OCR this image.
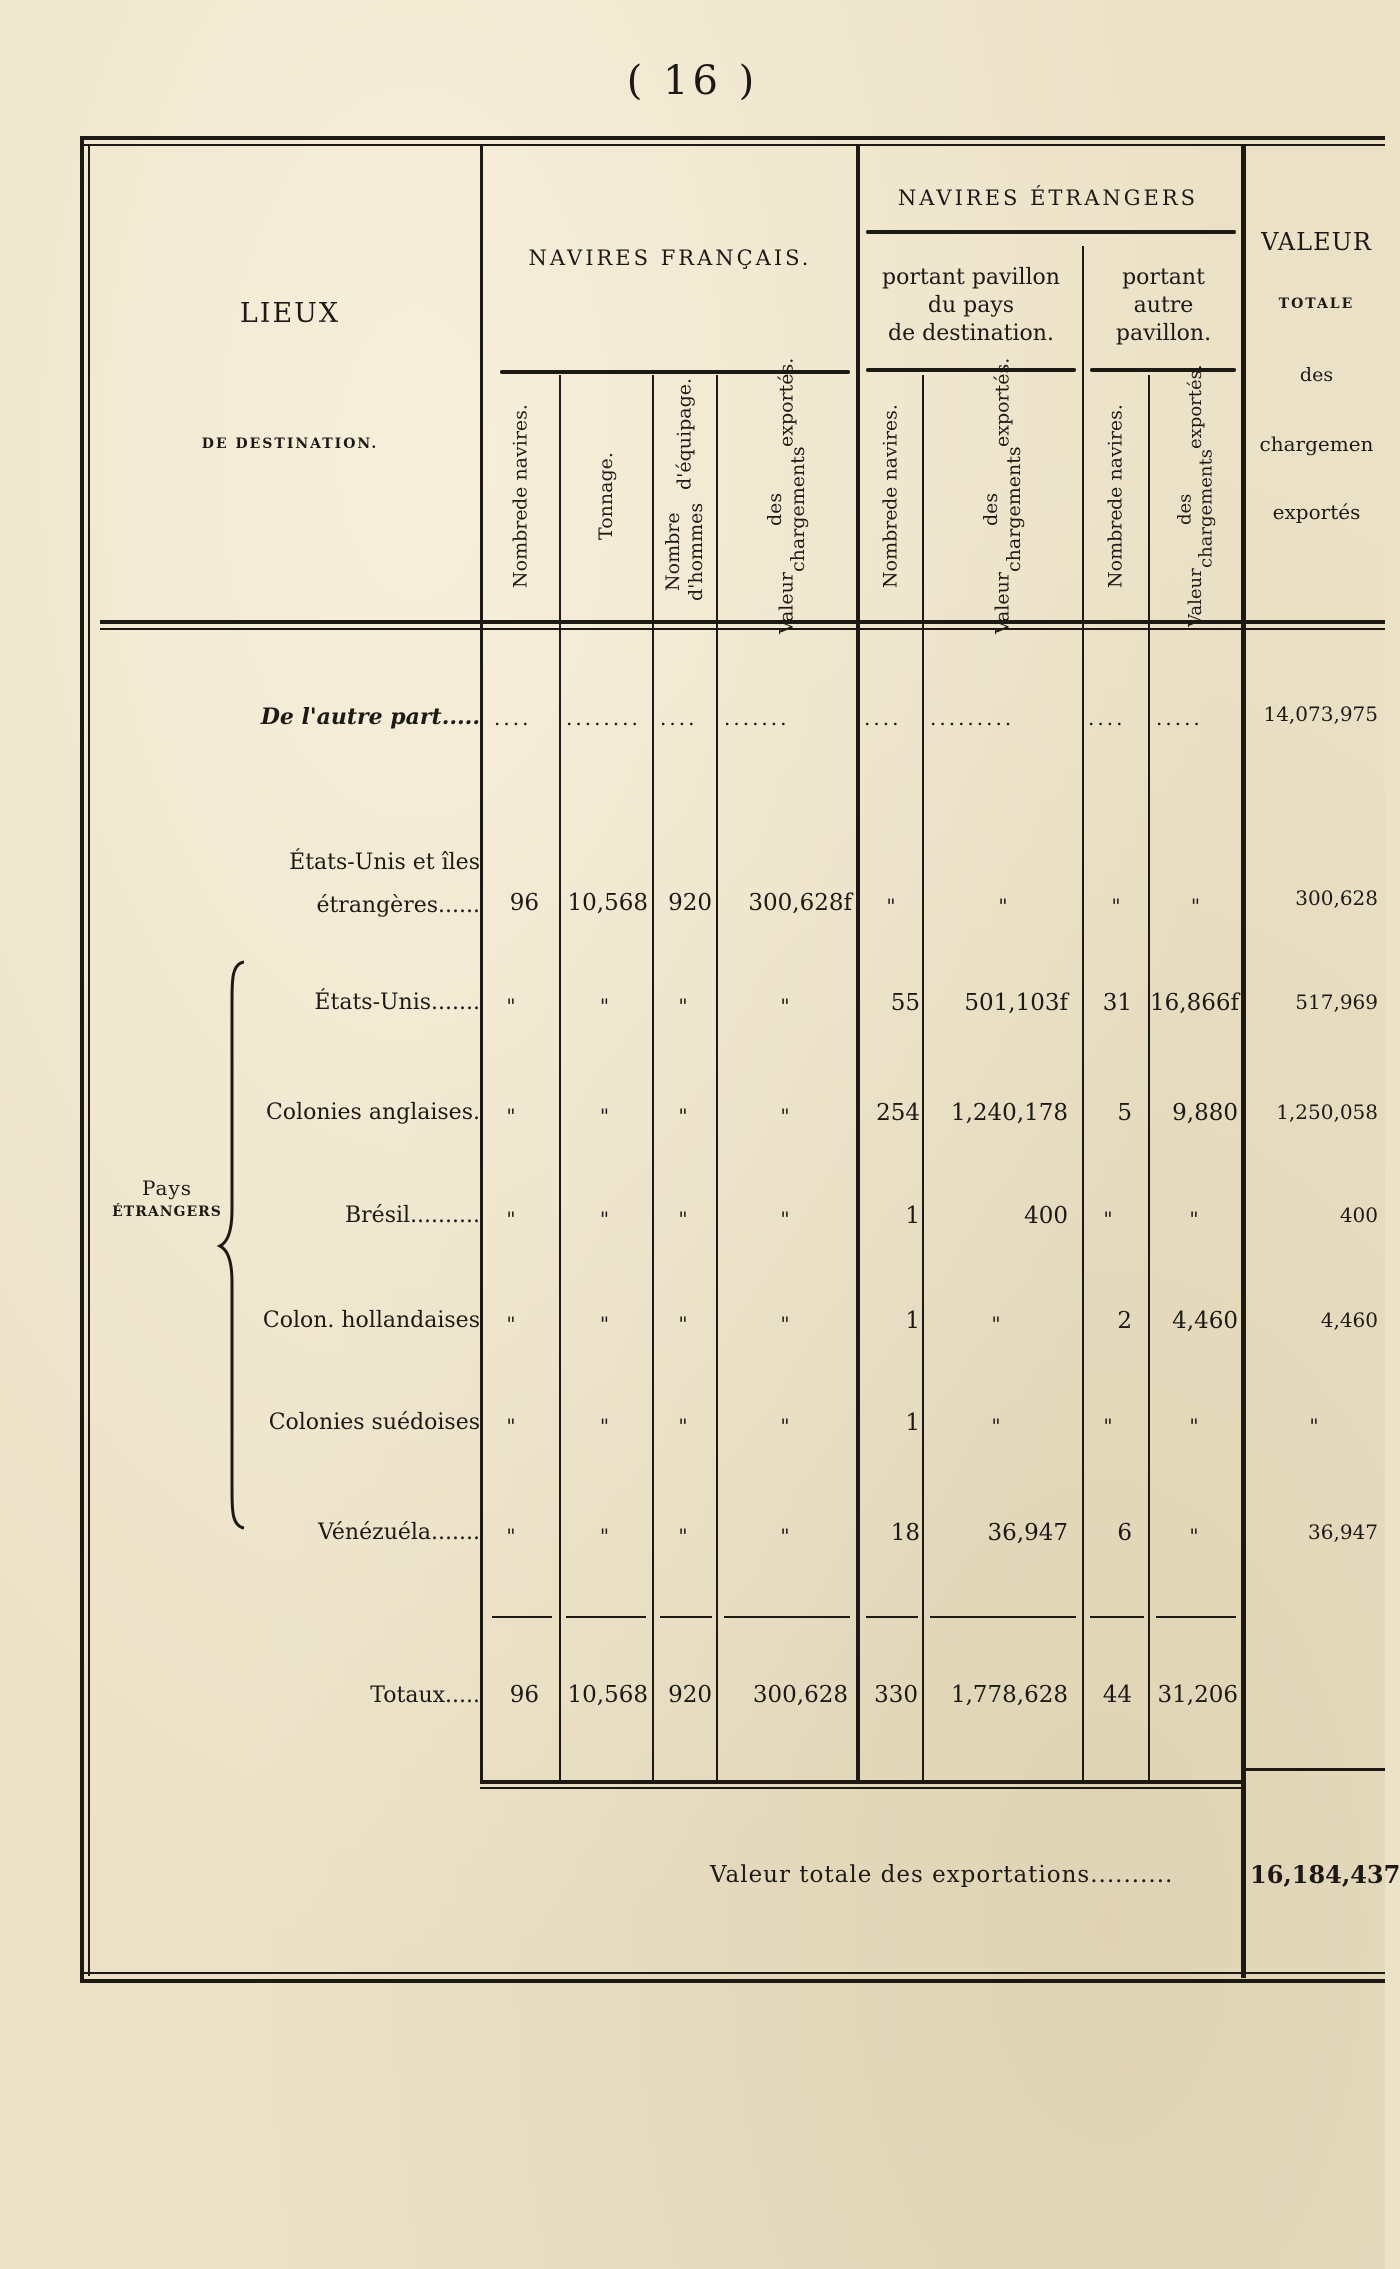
( 16 )
LIEUX
DE DESTINATION.
NAVIRES FRANÇAIS.
NAVIRES ÉTRANGERS
portant pavillon
du pays
de destination.
portant
autre
pavillon.
VALEUR
TOTALE
des
chargemen
exportés
Nombre
de navires.	Tonnage.
Nombre d'hommes
d'équipage.
Valeur
des chargements
exportés.
Nombre
de navires.
Valeur
des chargements
exportés.
Nombre
de navires.
Valeur
des chargements
exportés.
De l'autre part..... ....	........ ....	.......	....	.........	....	.....	14,073,975
États-Unis et îles
étrangères......	96 10,568 920	300,628f	"	"	"	"	300,628
Pays
ÉTRANGERS
États-Unis.......	"	"	"	"	55	501,103f	31 16,866f	517,969
Colonies anglaises.	"	"	"	"	254	1,240,178	5	9,880	1,250,058
Brésil..........	"	"	"	"	1	400	"	"	400
Colon. hollandaises	"	"	"	"	1	"	2	4,460	4,460
Colonies suédoises	"	"	"	"	1	"	"	"	"
Vénézuéla.......	"	"	"	"	18	36,947	6	"	36,947
Totaux.....	96 10,568 920	300,628	330	1,778,628	44	31,206
Valeur totale des exportations..........	16,184,437
